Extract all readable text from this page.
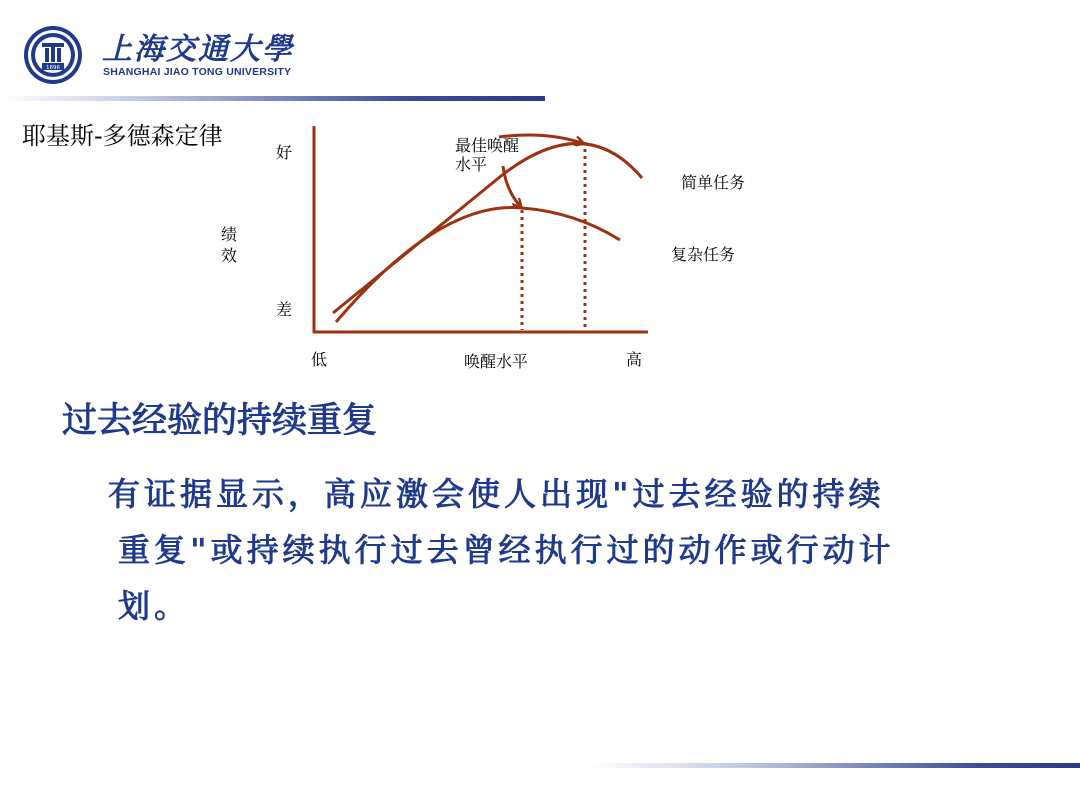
1896
上海交通大學
SHANGHAI JIAO TONG UNIVERSITY
耶基斯-多德森定律
好
差
绩效
低	高
唤醒水平
最佳唤醒水平
简单任务
复杂任务
过去经验的持续重复
有证据显示，高应激会使人出现"过去经验的持续
重复"或持续执行过去曾经执行过的动作或行动计
划。
